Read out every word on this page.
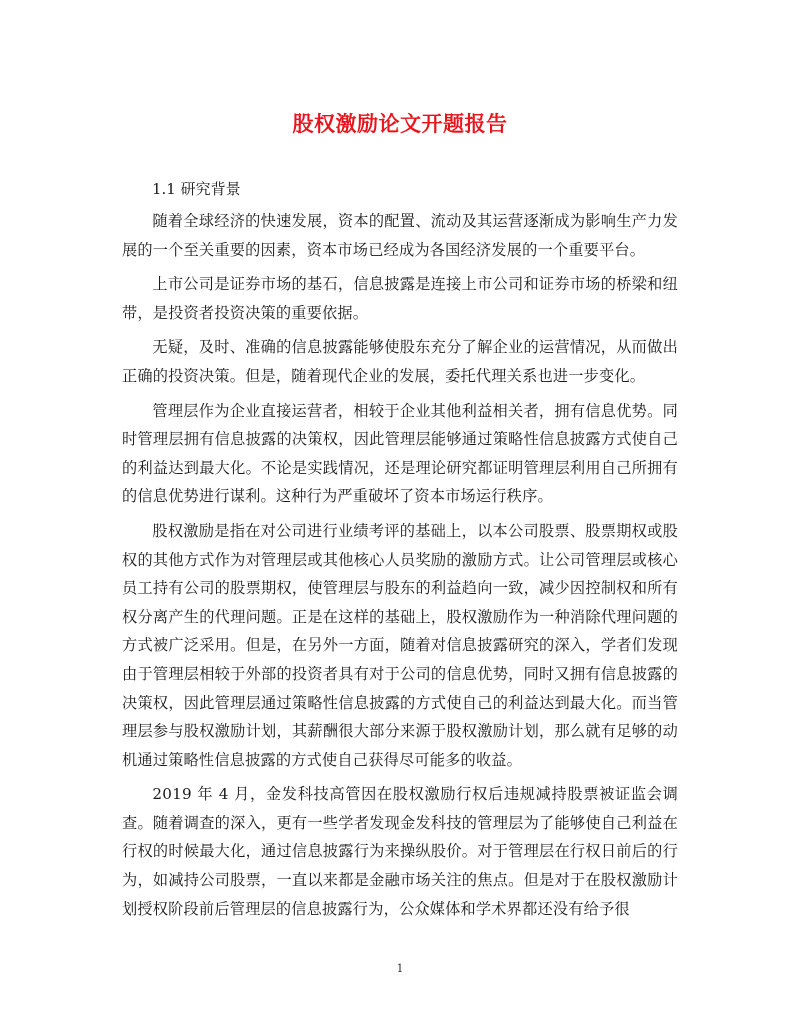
股权激励论文开题报告
1.1 研究背景

随着全球经济的快速发展，资本的配置、流动及其运营逐渐成为影响生产力发展的一个至关重要的因素，资本市场已经成为各国经济发展的一个重要平台。

上市公司是证券市场的基石，信息披露是连接上市公司和证券市场的桥梁和纽带，是投资者投资决策的重要依据。

无疑，及时、准确的信息披露能够使股东充分了解企业的运营情况，从而做出正确的投资决策。但是，随着现代企业的发展，委托代理关系也进一步变化。

管理层作为企业直接运营者，相较于企业其他利益相关者，拥有信息优势。同时管理层拥有信息披露的决策权，因此管理层能够通过策略性信息披露方式使自己的利益达到最大化。不论是实践情况，还是理论研究都证明管理层利用自己所拥有的信息优势进行谋利。这种行为严重破坏了资本市场运行秩序。

股权激励是指在对公司进行业绩考评的基础上，以本公司股票、股票期权或股权的其他方式作为对管理层或其他核心人员奖励的激励方式。让公司管理层或核心员工持有公司的股票期权，使管理层与股东的利益趋向一致，减少因控制权和所有权分离产生的代理问题。正是在这样的基础上，股权激励作为一种消除代理问题的方式被广泛采用。但是，在另外一方面，随着对信息披露研究的深入，学者们发现由于管理层相较于外部的投资者具有对于公司的信息优势，同时又拥有信息披露的决策权，因此管理层通过策略性信息披露的方式使自己的利益达到最大化。而当管理层参与股权激励计划，其薪酬很大部分来源于股权激励计划，那么就有足够的动机通过策略性信息披露的方式使自己获得尽可能多的收益。

2019 年 4 月，金发科技高管因在股权激励行权后违规减持股票被证监会调查。随着调查的深入，更有一些学者发现金发科技的管理层为了能够使自己利益在行权的时候最大化，通过信息披露行为来操纵股价。对于管理层在行权日前后的行为，如减持公司股票，一直以来都是金融市场关注的焦点。但是对于在股权激励计划授权阶段前后管理层的信息披露行为，公众媒体和学术界都还没有给予很

1
